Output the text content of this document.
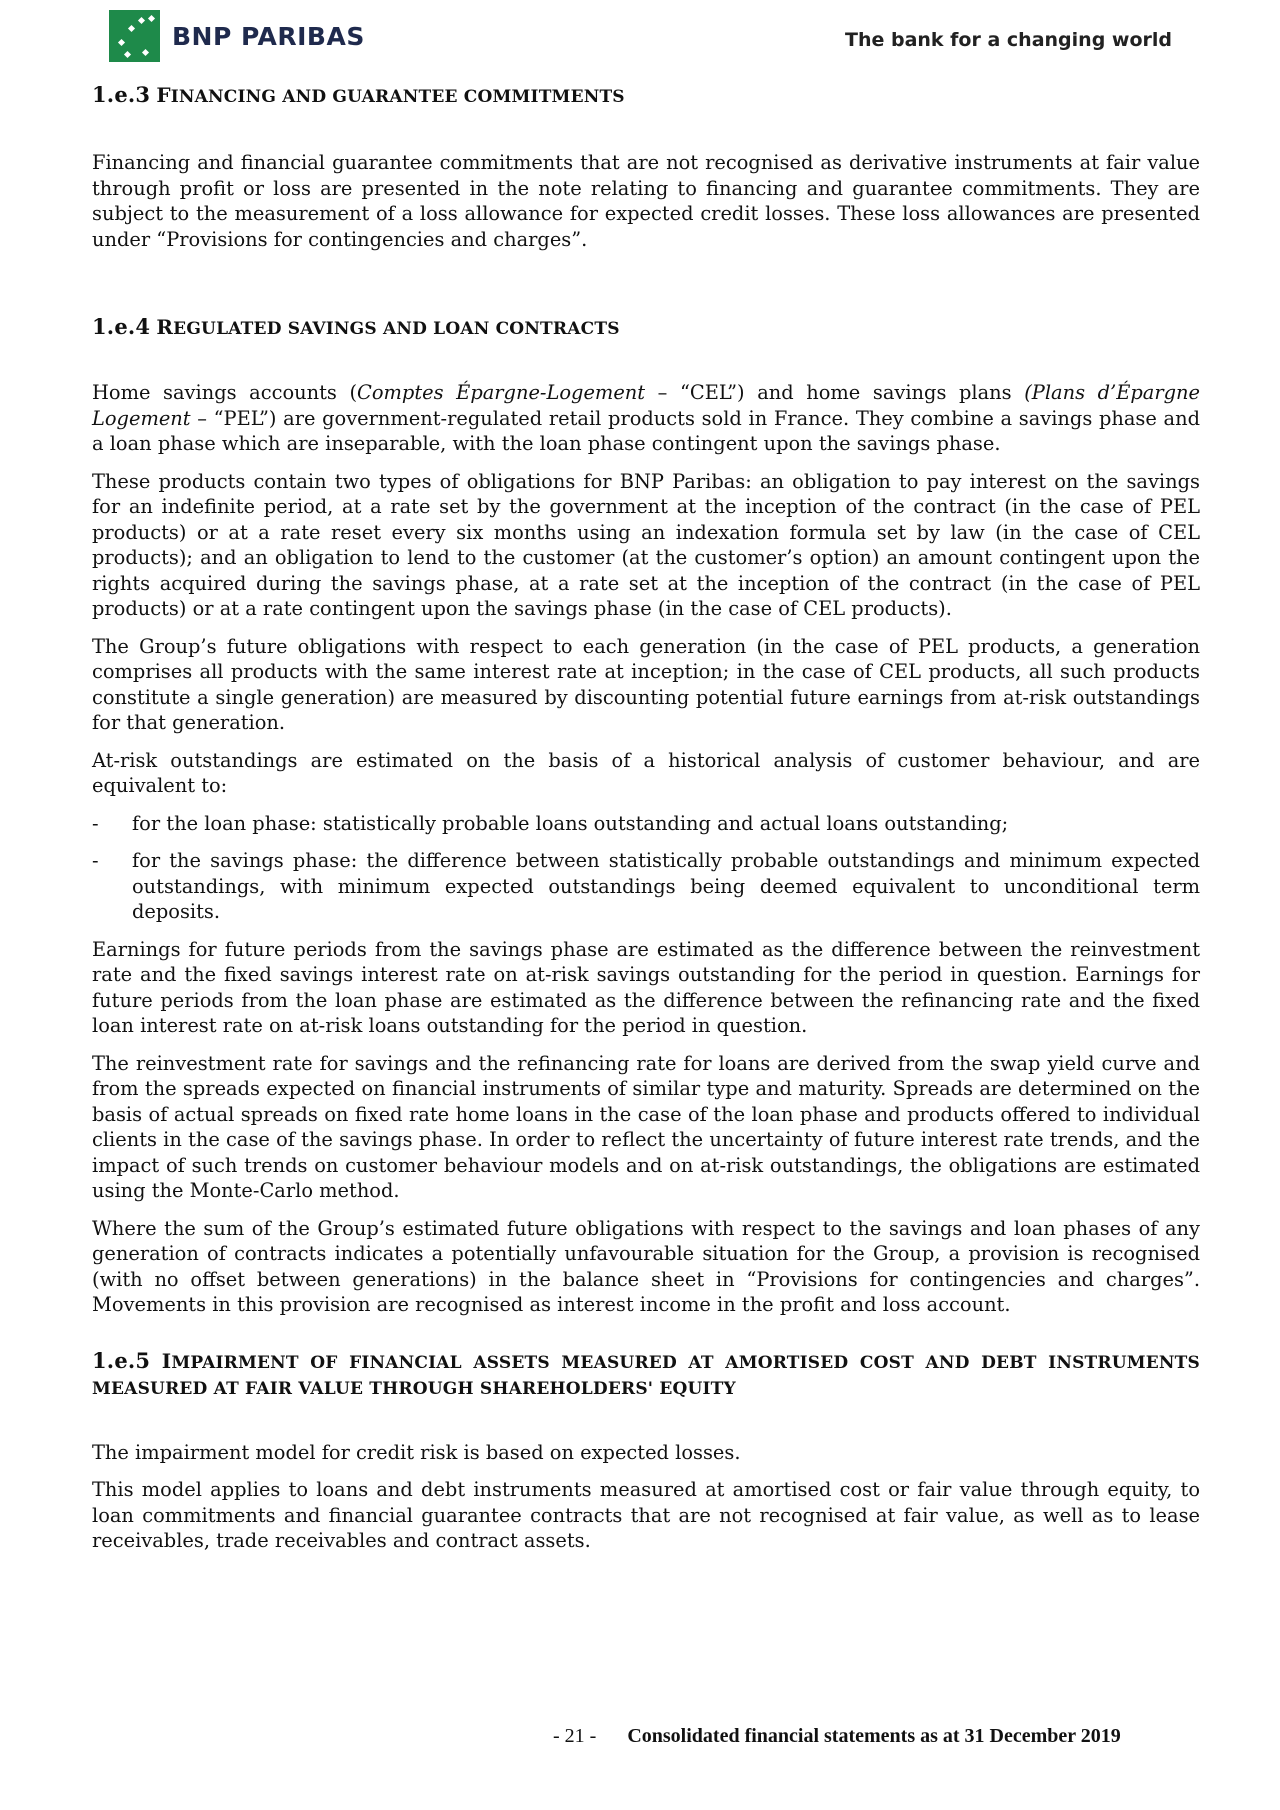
BNP PARIBAS	The bank for a changing world
1.e.3 FINANCING AND GUARANTEE COMMITMENTS

Financing and financial guarantee commitments that are not recognised as derivative instruments at fair value through profit or loss are presented in the note relating to financing and guarantee commitments. They are subject to the measurement of a loss allowance for expected credit losses. These loss allowances are presented under “Provisions for contingencies and charges”.

1.e.4 REGULATED SAVINGS AND LOAN CONTRACTS

Home savings accounts (Comptes Épargne-Logement – “CEL”) and home savings plans (Plans d’Épargne Logement – “PEL”) are government-regulated retail products sold in France. They combine a savings phase and a loan phase which are inseparable, with the loan phase contingent upon the savings phase.

These products contain two types of obligations for BNP Paribas: an obligation to pay interest on the savings for an indefinite period, at a rate set by the government at the inception of the contract (in the case of PEL products) or at a rate reset every six months using an indexation formula set by law (in the case of CEL products); and an obligation to lend to the customer (at the customer’s option) an amount contingent upon the rights acquired during the savings phase, at a rate set at the inception of the contract (in the case of PEL products) or at a rate contingent upon the savings phase (in the case of CEL products).

The Group’s future obligations with respect to each generation (in the case of PEL products, a generation comprises all products with the same interest rate at inception; in the case of CEL products, all such products constitute a single generation) are measured by discounting potential future earnings from at-risk outstandings for that generation.

At-risk outstandings are estimated on the basis of a historical analysis of customer behaviour, and are equivalent to:

- for the loan phase: statistically probable loans outstanding and actual loans outstanding;
- for the savings phase: the difference between statistically probable outstandings and minimum expected outstandings, with minimum expected outstandings being deemed equivalent to unconditional term deposits.

Earnings for future periods from the savings phase are estimated as the difference between the reinvestment rate and the fixed savings interest rate on at-risk savings outstanding for the period in question. Earnings for future periods from the loan phase are estimated as the difference between the refinancing rate and the fixed loan interest rate on at-risk loans outstanding for the period in question.

The reinvestment rate for savings and the refinancing rate for loans are derived from the swap yield curve and from the spreads expected on financial instruments of similar type and maturity. Spreads are determined on the basis of actual spreads on fixed rate home loans in the case of the loan phase and products offered to individual clients in the case of the savings phase. In order to reflect the uncertainty of future interest rate trends, and the impact of such trends on customer behaviour models and on at-risk outstandings, the obligations are estimated using the Monte-Carlo method.

Where the sum of the Group’s estimated future obligations with respect to the savings and loan phases of any generation of contracts indicates a potentially unfavourable situation for the Group, a provision is recognised (with no offset between generations) in the balance sheet in “Provisions for contingencies and charges”. Movements in this provision are recognised as interest income in the profit and loss account.

1.e.5 IMPAIRMENT OF FINANCIAL ASSETS MEASURED AT AMORTISED COST AND DEBT INSTRUMENTS MEASURED AT FAIR VALUE THROUGH SHAREHOLDERS' EQUITY

The impairment model for credit risk is based on expected losses.

This model applies to loans and debt instruments measured at amortised cost or fair value through equity, to loan commitments and financial guarantee contracts that are not recognised at fair value, as well as to lease receivables, trade receivables and contract assets.

- 21 - Consolidated financial statements as at 31 December 2019
